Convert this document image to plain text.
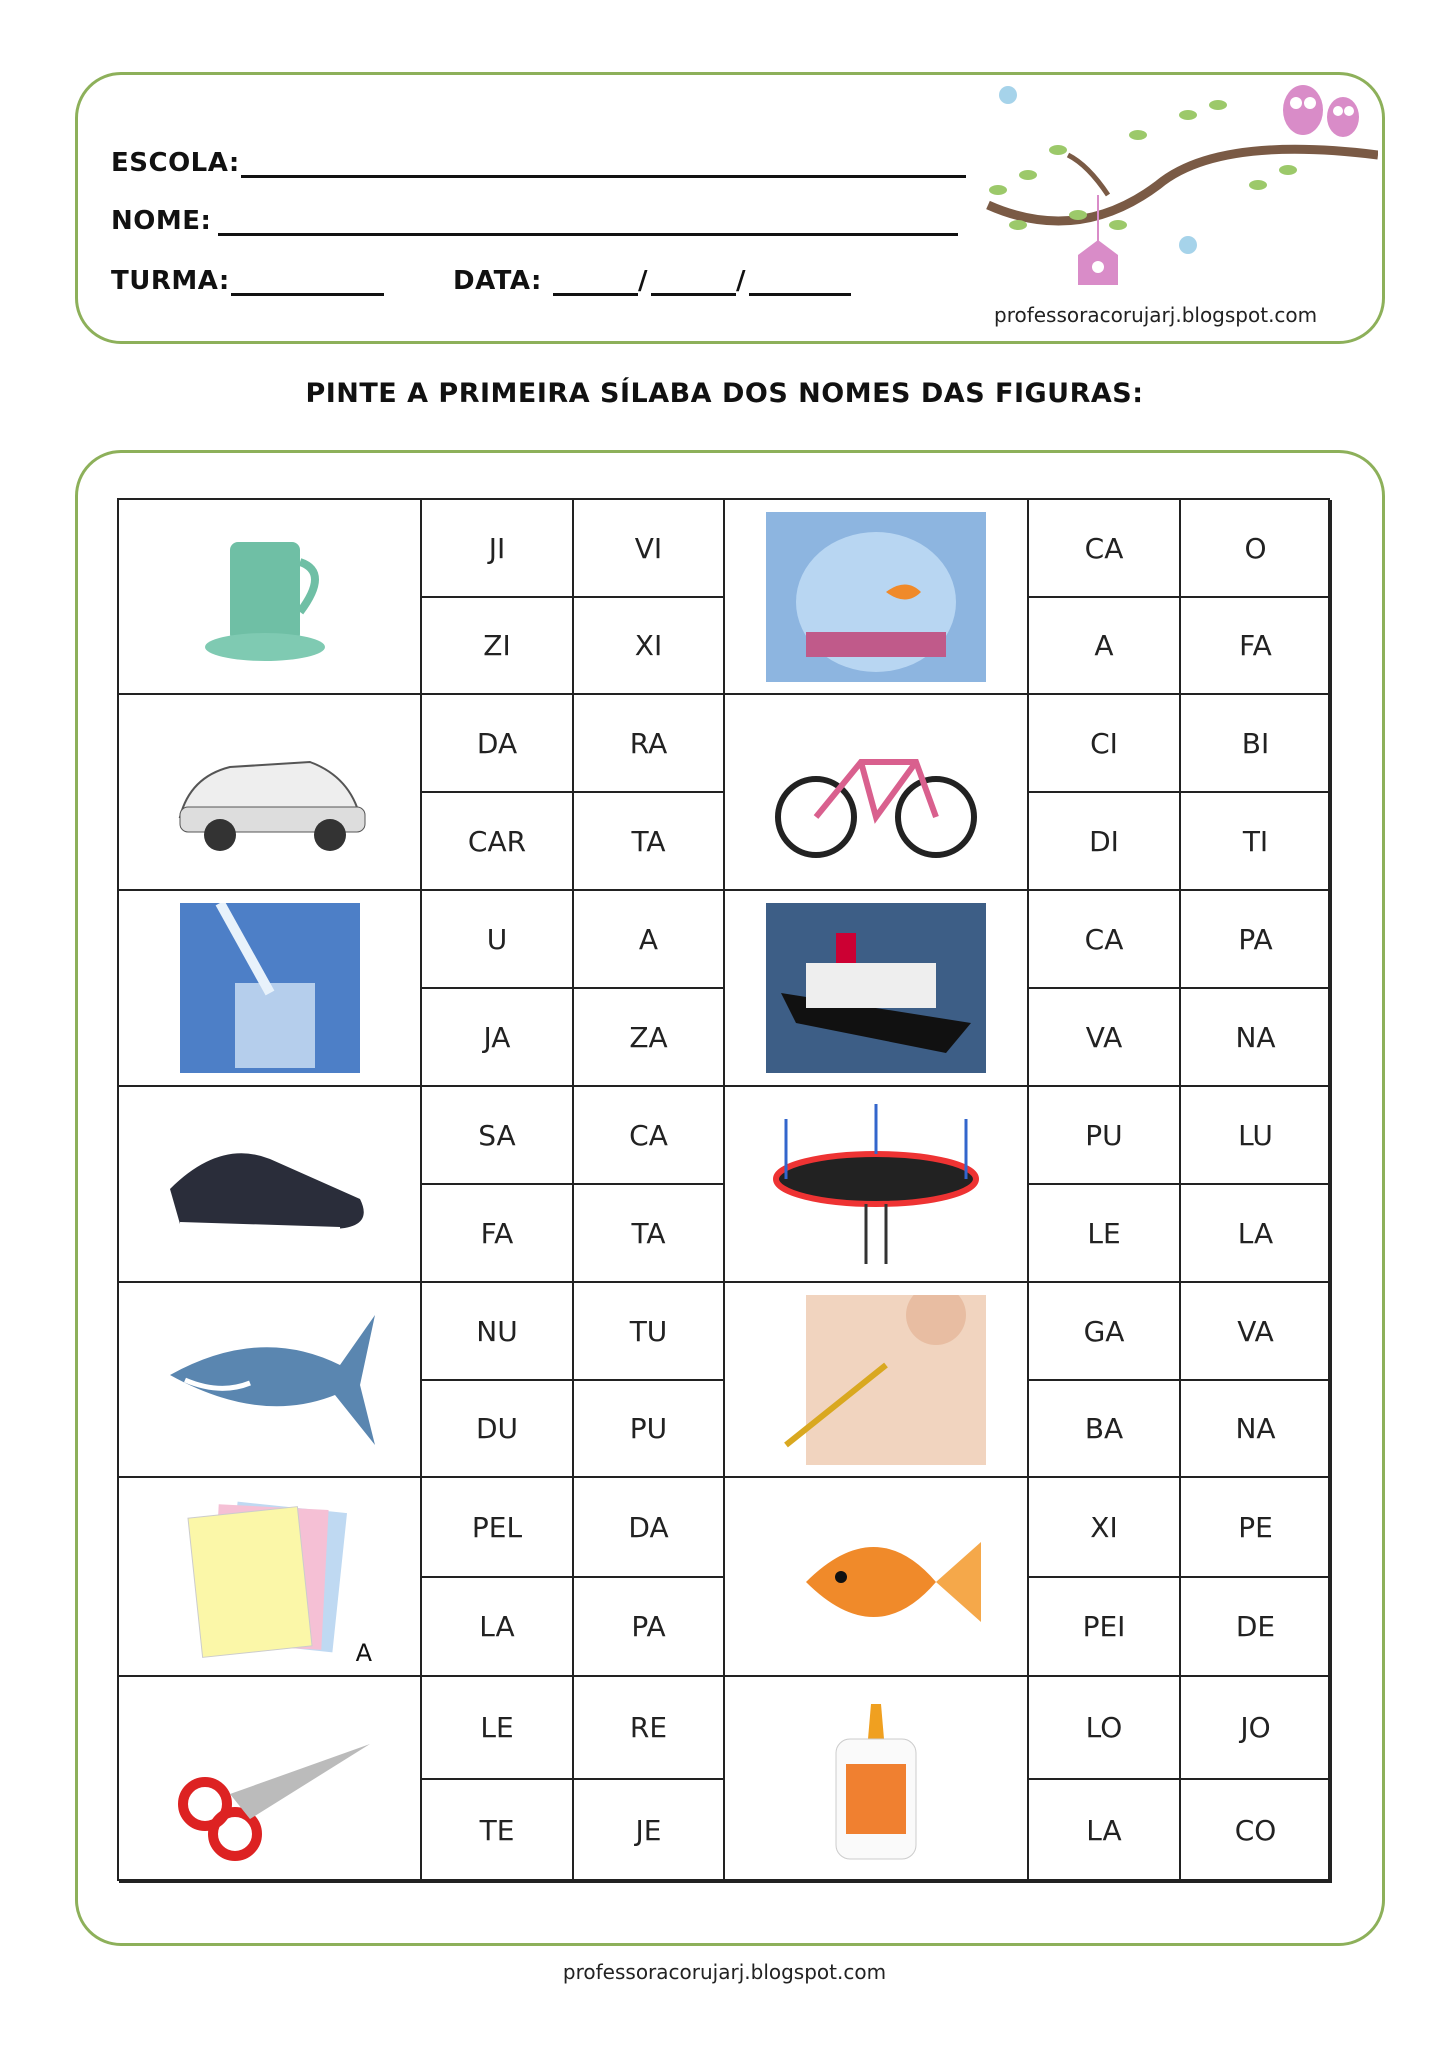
ESCOLA:
NOME:
TURMA:	DATA:	/	/
professoracorujarj.blogspot.com
PINTE A PRIMEIRA SÍLABA DOS NOMES DAS FIGURAS:
JI	VI
ZI	XI
CA	O
A	FA
DA	RA
CAR	TA
CI	BI
DI	TI
U	A
JA	ZA
CA	PA
VA	NA
SA	CA
FA	TA
PU	LU
LE	LA
NU	TU
DU	PU
GA	VA
BA	NA
A
PEL	DA
LA	PA
XI	PE
PEI	DE
LE	RE
TE	JE
LO	JO
LA	CO
professoracorujarj.blogspot.com
